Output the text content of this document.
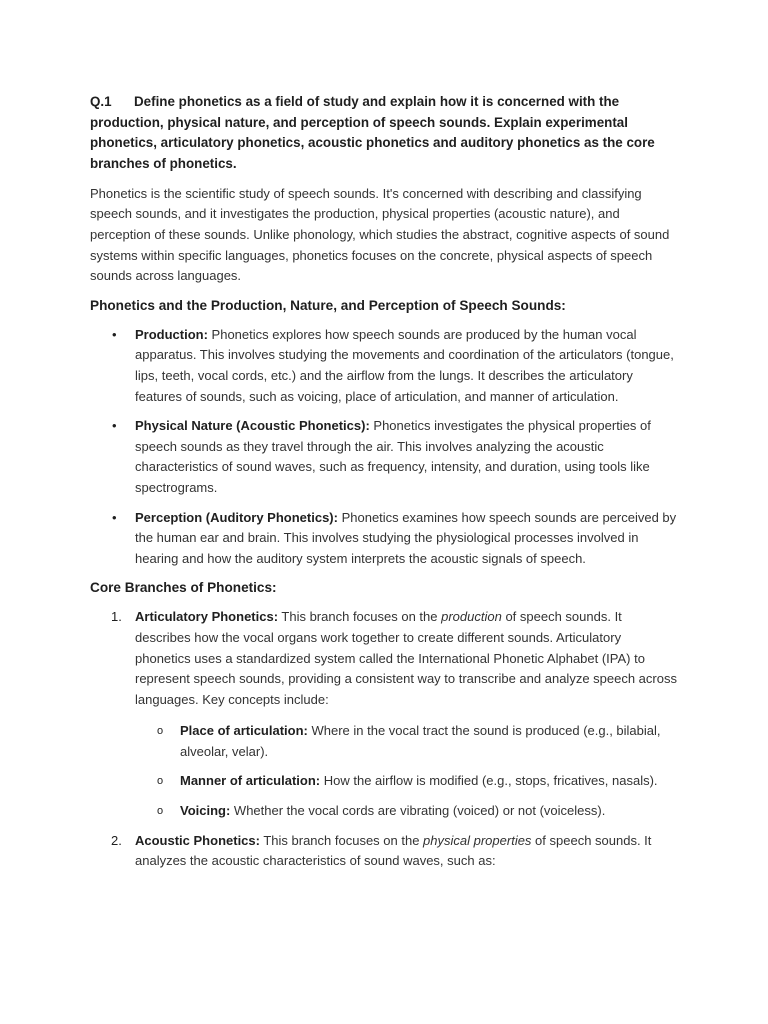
Q.1 Define phonetics as a field of study and explain how it is concerned with the production, physical nature, and perception of speech sounds. Explain experimental phonetics, articulatory phonetics, acoustic phonetics and auditory phonetics as the core branches of phonetics.

Phonetics is the scientific study of speech sounds. It's concerned with describing and classifying speech sounds, and it investigates the production, physical properties (acoustic nature), and perception of these sounds. Unlike phonology, which studies the abstract, cognitive aspects of sound systems within specific languages, phonetics focuses on the concrete, physical aspects of speech sounds across languages.

Phonetics and the Production, Nature, and Perception of Speech Sounds:

• Production: Phonetics explores how speech sounds are produced by the human vocal apparatus. This involves studying the movements and coordination of the articulators (tongue, lips, teeth, vocal cords, etc.) and the airflow from the lungs. It describes the articulatory features of sounds, such as voicing, place of articulation, and manner of articulation.
• Physical Nature (Acoustic Phonetics): Phonetics investigates the physical properties of speech sounds as they travel through the air. This involves analyzing the acoustic characteristics of sound waves, such as frequency, intensity, and duration, using tools like spectrograms.
• Perception (Auditory Phonetics): Phonetics examines how speech sounds are perceived by the human ear and brain. This involves studying the physiological processes involved in hearing and how the auditory system interprets the acoustic signals of speech.

Core Branches of Phonetics:

1. Articulatory Phonetics: This branch focuses on the production of speech sounds. It describes how the vocal organs work together to create different sounds. Articulatory phonetics uses a standardized system called the International Phonetic Alphabet (IPA) to represent speech sounds, providing a consistent way to transcribe and analyze speech across languages. Key concepts include:
o Place of articulation: Where in the vocal tract the sound is produced (e.g., bilabial, alveolar, velar).
o Manner of articulation: How the airflow is modified (e.g., stops, fricatives, nasals).
o Voicing: Whether the vocal cords are vibrating (voiced) or not (voiceless).
2. Acoustic Phonetics: This branch focuses on the physical properties of speech sounds. It analyzes the acoustic characteristics of sound waves, such as:
